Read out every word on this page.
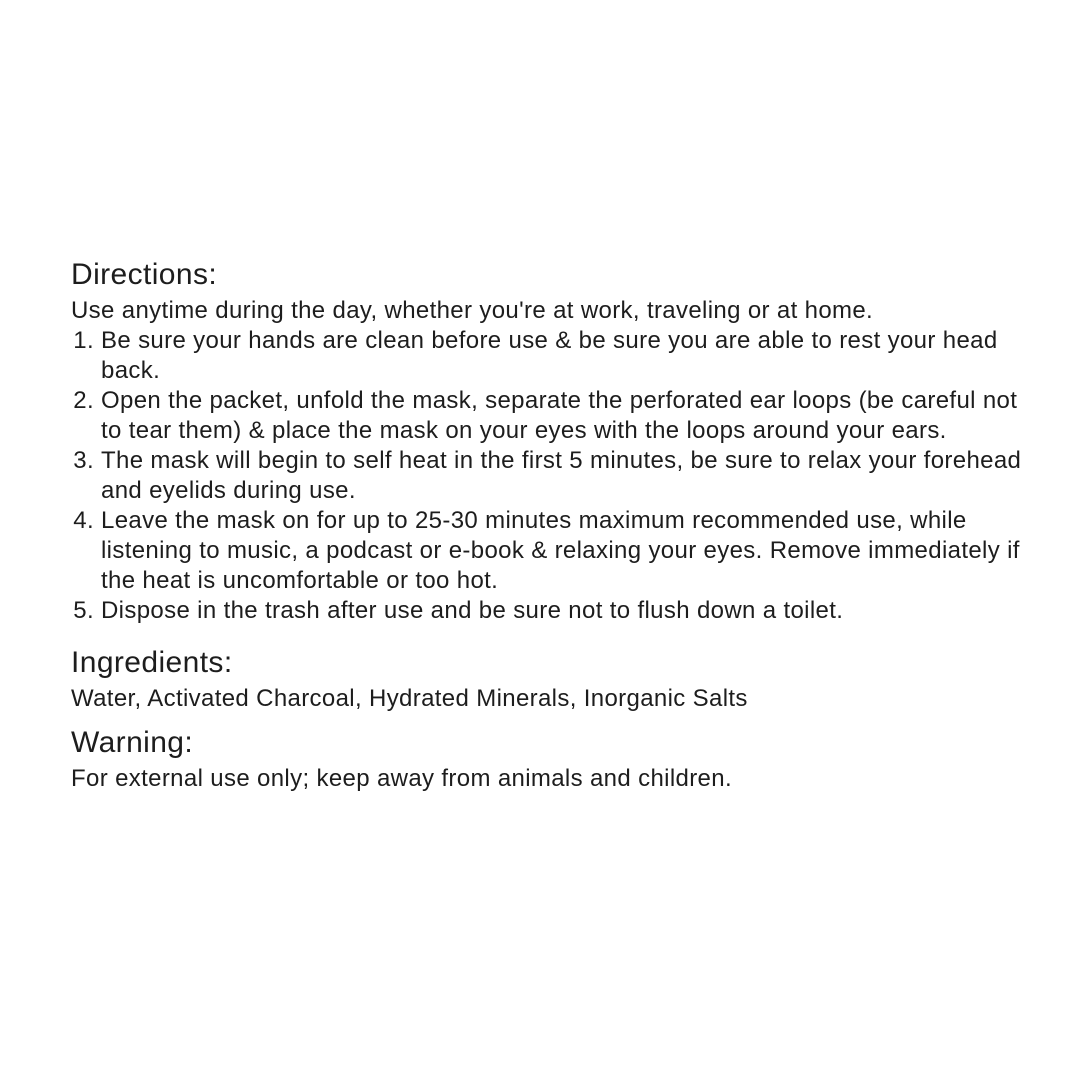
Directions:

Use anytime during the day, whether you're at work, traveling or at home.

1. Be sure your hands are clean before use & be sure you are able to rest your head back.
2. Open the packet, unfold the mask, separate the perforated ear loops (be careful not to tear them) & place the mask on your eyes with the loops around your ears.
3. The mask will begin to self heat in the first 5 minutes, be sure to relax your forehead and eyelids during use.
4. Leave the mask on for up to 25-30 minutes maximum recommended use, while listening to music, a podcast or e-book & relaxing your eyes. Remove immediately if the heat is uncomfortable or too hot.
5. Dispose in the trash after use and be sure not to flush down a toilet.
Ingredients:

Water, Activated Charcoal, Hydrated Minerals, Inorganic Salts

Warning:

For external use only; keep away from animals and children.
